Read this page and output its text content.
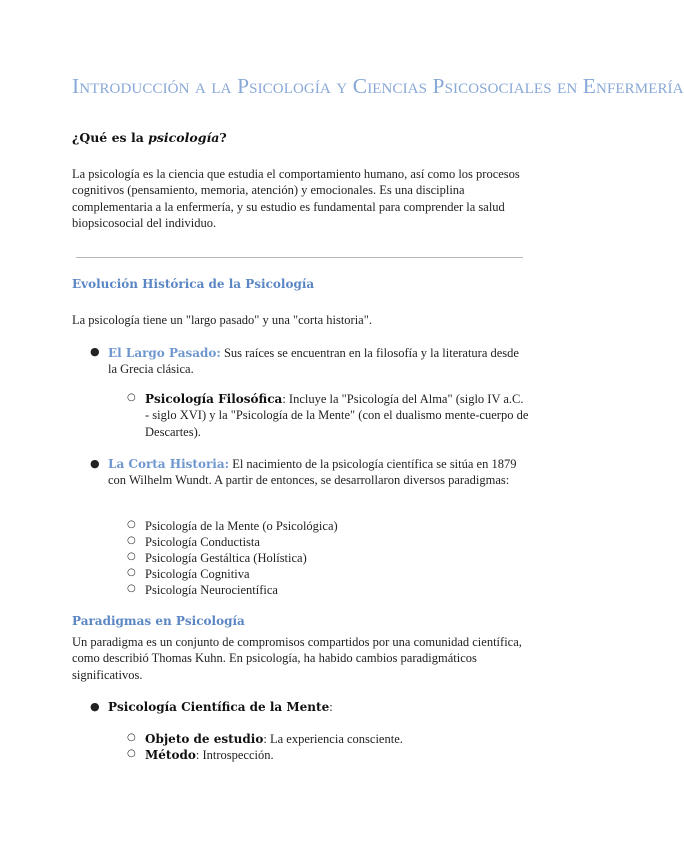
Introducción a la Psicología y Ciencias Psicosociales en Enfermería
¿Qué es la psicología?
La psicología es la ciencia que estudia el comportamiento humano, así como los procesos cognitivos (pensamiento, memoria, atención) y emocionales. Es una disciplina complementaria a la enfermería, y su estudio es fundamental para comprender la salud biopsicosocial del individuo.
Evolución Histórica de la Psicología
La psicología tiene un "largo pasado" y una "corta historia".
● El Largo Pasado: Sus raíces se encuentran en la filosofía y la literatura desde la Grecia clásica.
○ Psicología Filosófica: Incluye la "Psicología del Alma" (siglo IV a.C. - siglo XVI) y la "Psicología de la Mente" (con el dualismo mente-cuerpo de Descartes).
● La Corta Historia: El nacimiento de la psicología científica se sitúa en 1879 con Wilhelm Wundt. A partir de entonces, se desarrollaron diversos paradigmas:
○ Psicología de la Mente (o Psicológica)
○ Psicología Conductista
○ Psicología Gestáltica (Holística)
○ Psicología Cognitiva
○ Psicología Neurocientífica
Paradigmas en Psicología
Un paradigma es un conjunto de compromisos compartidos por una comunidad científica, como describió Thomas Kuhn. En psicología, ha habido cambios paradigmáticos significativos.
● Psicología Científica de la Mente:
○ Objeto de estudio: La experiencia consciente.
○ Método: Introspección.
